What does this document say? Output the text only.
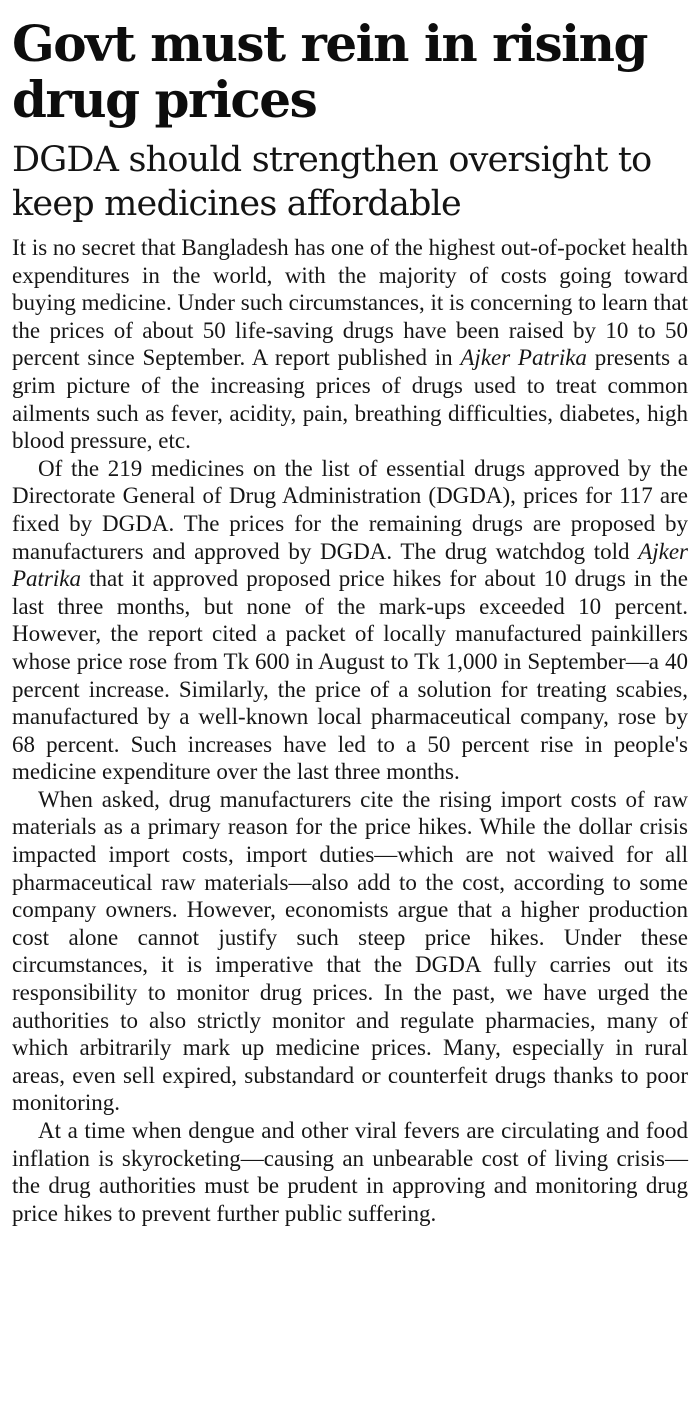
Govt must rein in rising drug prices
DGDA should strengthen oversight to keep medicines affordable

It is no secret that Bangladesh has one of the highest out-of-pocket health expenditures in the world, with the majority of costs going toward buying medicine. Under such circumstances, it is concerning to learn that the prices of about 50 life-saving drugs have been raised by 10 to 50 percent since September. A report published in Ajker Patrika presents a grim picture of the increasing prices of drugs used to treat common ailments such as fever, acidity, pain, breathing difficulties, diabetes, high blood pressure, etc.

Of the 219 medicines on the list of essential drugs approved by the Directorate General of Drug Administration (DGDA), prices for 117 are fixed by DGDA. The prices for the remaining drugs are proposed by manufacturers and approved by DGDA. The drug watchdog told Ajker Patrika that it approved proposed price hikes for about 10 drugs in the last three months, but none of the mark-ups exceeded 10 percent. However, the report cited a packet of locally manufactured painkillers whose price rose from Tk 600 in August to Tk 1,000 in September—a 40 percent increase. Similarly, the price of a solution for treating scabies, manufactured by a well-known local pharmaceutical company, rose by 68 percent. Such increases have led to a 50 percent rise in people's medicine expenditure over the last three months.

When asked, drug manufacturers cite the rising import costs of raw materials as a primary reason for the price hikes. While the dollar crisis impacted import costs, import duties—which are not waived for all pharmaceutical raw materials—also add to the cost, according to some company owners. However, economists argue that a higher production cost alone cannot justify such steep price hikes. Under these circumstances, it is imperative that the DGDA fully carries out its responsibility to monitor drug prices. In the past, we have urged the authorities to also strictly monitor and regulate pharmacies, many of which arbitrarily mark up medicine prices. Many, especially in rural areas, even sell expired, substandard or counterfeit drugs thanks to poor monitoring.

At a time when dengue and other viral fevers are circulating and food inflation is skyrocketing—causing an unbearable cost of living crisis—the drug authorities must be prudent in approving and monitoring drug price hikes to prevent further public suffering.
